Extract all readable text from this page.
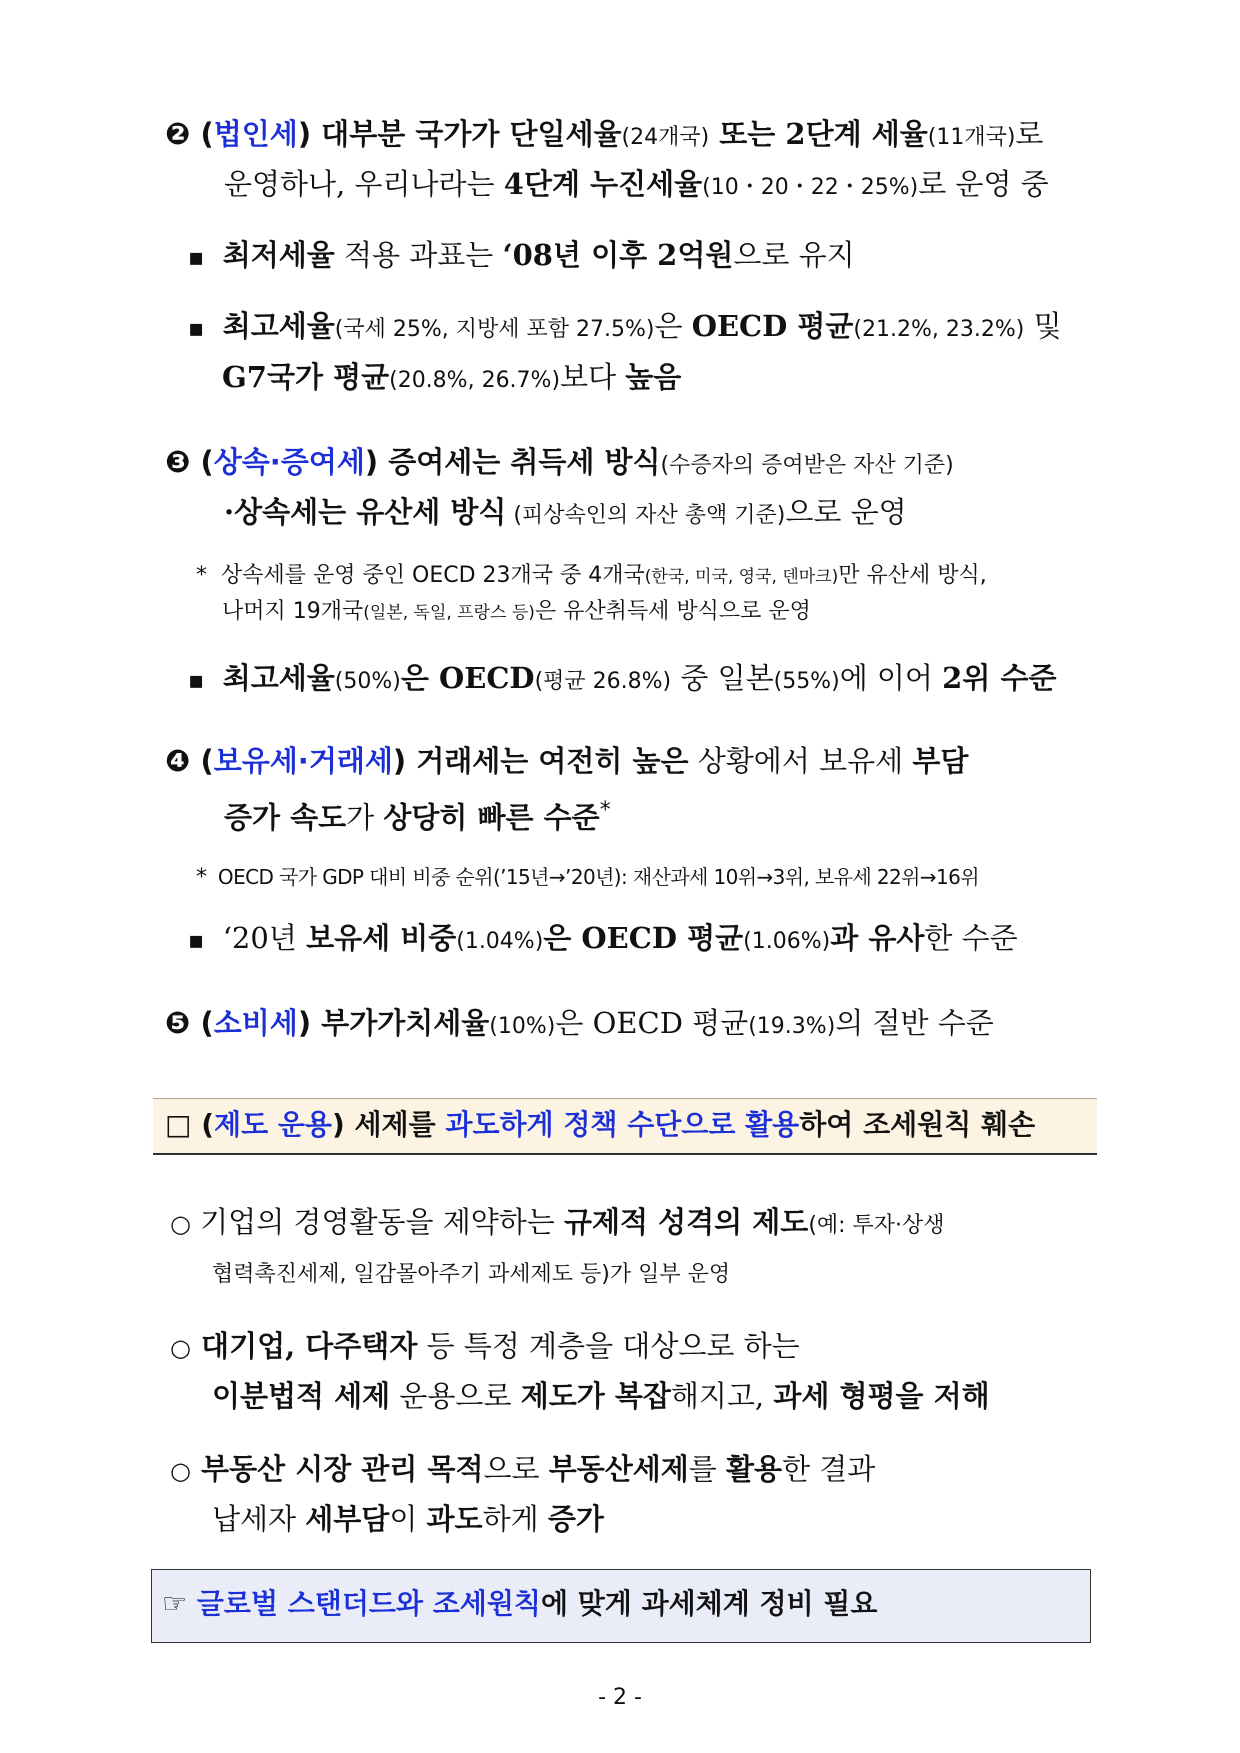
❷ (법인세) 대부분 국가가 단일세율(24개국) 또는 2단계 세율(11개국)로
운영하나, 우리나라는 4단계 누진세율(10・20・22・25%)로 운영 중
▪ 최저세율 적용 과표는 ‘08년 이후 2억원으로 유지
▪ 최고세율(국세 25%, 지방세 포함 27.5%)은 OECD 평균(21.2%, 23.2%) 및
G7국가 평균(20.8%, 26.7%)보다 높음
❸ (상속·증여세) 증여세는 취득세 방식(수증자의 증여받은 자산 기준)
·상속세는 유산세 방식 (피상속인의 자산 총액 기준)으로 운영
* 상속세를 운영 중인 OECD 23개국 중 4개국(한국, 미국, 영국, 덴마크)만 유산세 방식,
나머지 19개국(일본, 독일, 프랑스 등)은 유산취득세 방식으로 운영
▪ 최고세율(50%)은 OECD(평균 26.8%) 중 일본(55%)에 이어 2위 수준
❹ (보유세·거래세) 거래세는 여전히 높은 상황에서 보유세 부담
증가 속도가 상당히 빠른 수준*
* OECD 국가 GDP 대비 비중 순위(’15년→’20년): 재산과세 10위→3위, 보유세 22위→16위
▪ ‘20년 보유세 비중(1.04%)은 OECD 평균(1.06%)과 유사한 수준
❺ (소비세) 부가가치세율(10%)은 OECD 평균(19.3%)의 절반 수준
□ (제도 운용) 세제를 과도하게 정책 수단으로 활용하여 조세원칙 훼손
○ 기업의 경영활동을 제약하는 규제적 성격의 제도(예: 투자·상생
협력촉진세제, 일감몰아주기 과세제도 등)가 일부 운영
○ 대기업, 다주택자 등 특정 계층을 대상으로 하는
이분법적 세제 운용으로 제도가 복잡해지고, 과세 형평을 저해
○ 부동산 시장 관리 목적으로 부동산세제를 활용한 결과
납세자 세부담이 과도하게 증가
☞ 글로벌 스탠더드와 조세원칙에 맞게 과세체계 정비 필요
- 2 -
